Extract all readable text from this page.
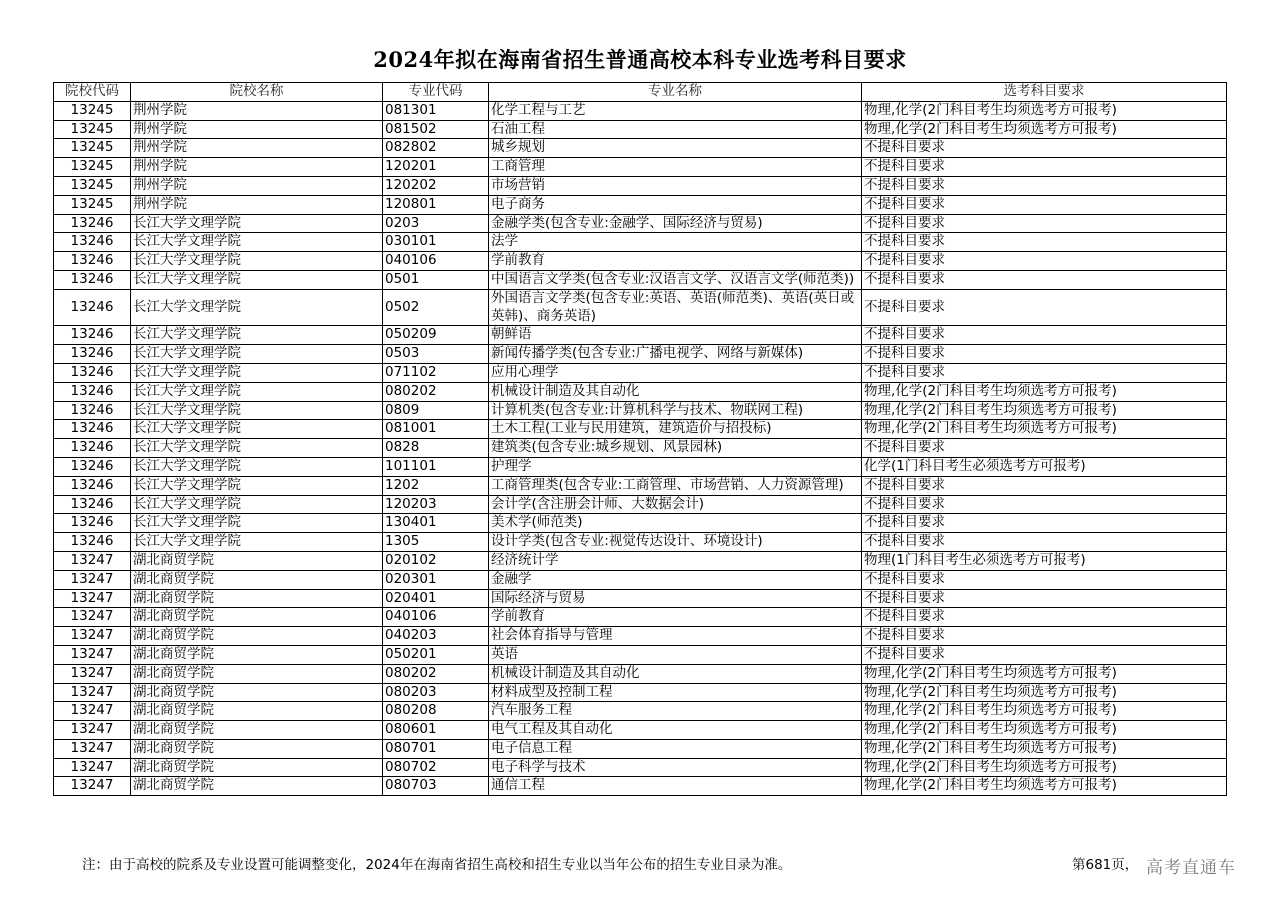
2024年拟在海南省招生普通高校本科专业选考科目要求
院校代码	院校名称	专业代码	专业名称	选考科目要求
13245	荆州学院	081301	化学工程与工艺	物理,化学(2门科目考生均须选考方可报考)
13245	荆州学院	081502	石油工程	物理,化学(2门科目考生均须选考方可报考)
13245	荆州学院	082802	城乡规划	不提科目要求
13245	荆州学院	120201	工商管理	不提科目要求
13245	荆州学院	120202	市场营销	不提科目要求
13245	荆州学院	120801	电子商务	不提科目要求
13246	长江大学文理学院	0203	金融学类(包含专业:金融学、国际经济与贸易)	不提科目要求
13246	长江大学文理学院	030101	法学	不提科目要求
13246	长江大学文理学院	040106	学前教育	不提科目要求
13246	长江大学文理学院	0501	中国语言文学类(包含专业:汉语言文学、汉语言文学(师范类))	不提科目要求
13246	长江大学文理学院	0502	外国语言文学类(包含专业:英语、英语(师范类)、英语(英日或英韩)、商务英语)	不提科目要求
13246	长江大学文理学院	050209	朝鲜语	不提科目要求
13246	长江大学文理学院	0503	新闻传播学类(包含专业:广播电视学、网络与新媒体)	不提科目要求
13246	长江大学文理学院	071102	应用心理学	不提科目要求
13246	长江大学文理学院	080202	机械设计制造及其自动化	物理,化学(2门科目考生均须选考方可报考)
13246	长江大学文理学院	0809	计算机类(包含专业:计算机科学与技术、物联网工程)	物理,化学(2门科目考生均须选考方可报考)
13246	长江大学文理学院	081001	土木工程(工业与民用建筑，建筑造价与招投标)	物理,化学(2门科目考生均须选考方可报考)
13246	长江大学文理学院	0828	建筑类(包含专业:城乡规划、风景园林)	不提科目要求
13246	长江大学文理学院	101101	护理学	化学(1门科目考生必须选考方可报考)
13246	长江大学文理学院	1202	工商管理类(包含专业:工商管理、市场营销、人力资源管理)	不提科目要求
13246	长江大学文理学院	120203	会计学(含注册会计师、大数据会计)	不提科目要求
13246	长江大学文理学院	130401	美术学(师范类)	不提科目要求
13246	长江大学文理学院	1305	设计学类(包含专业:视觉传达设计、环境设计)	不提科目要求
13247	湖北商贸学院	020102	经济统计学	物理(1门科目考生必须选考方可报考)
13247	湖北商贸学院	020301	金融学	不提科目要求
13247	湖北商贸学院	020401	国际经济与贸易	不提科目要求
13247	湖北商贸学院	040106	学前教育	不提科目要求
13247	湖北商贸学院	040203	社会体育指导与管理	不提科目要求
13247	湖北商贸学院	050201	英语	不提科目要求
13247	湖北商贸学院	080202	机械设计制造及其自动化	物理,化学(2门科目考生均须选考方可报考)
13247	湖北商贸学院	080203	材料成型及控制工程	物理,化学(2门科目考生均须选考方可报考)
13247	湖北商贸学院	080208	汽车服务工程	物理,化学(2门科目考生均须选考方可报考)
13247	湖北商贸学院	080601	电气工程及其自动化	物理,化学(2门科目考生均须选考方可报考)
13247	湖北商贸学院	080701	电子信息工程	物理,化学(2门科目考生均须选考方可报考)
13247	湖北商贸学院	080702	电子科学与技术	物理,化学(2门科目考生均须选考方可报考)
13247	湖北商贸学院	080703	通信工程	物理,化学(2门科目考生均须选考方可报考)
注：由于高校的院系及专业设置可能调整变化，2024年在海南省招生高校和招生专业以当年公布的招生专业目录为准。	第681页， 高考直通车
